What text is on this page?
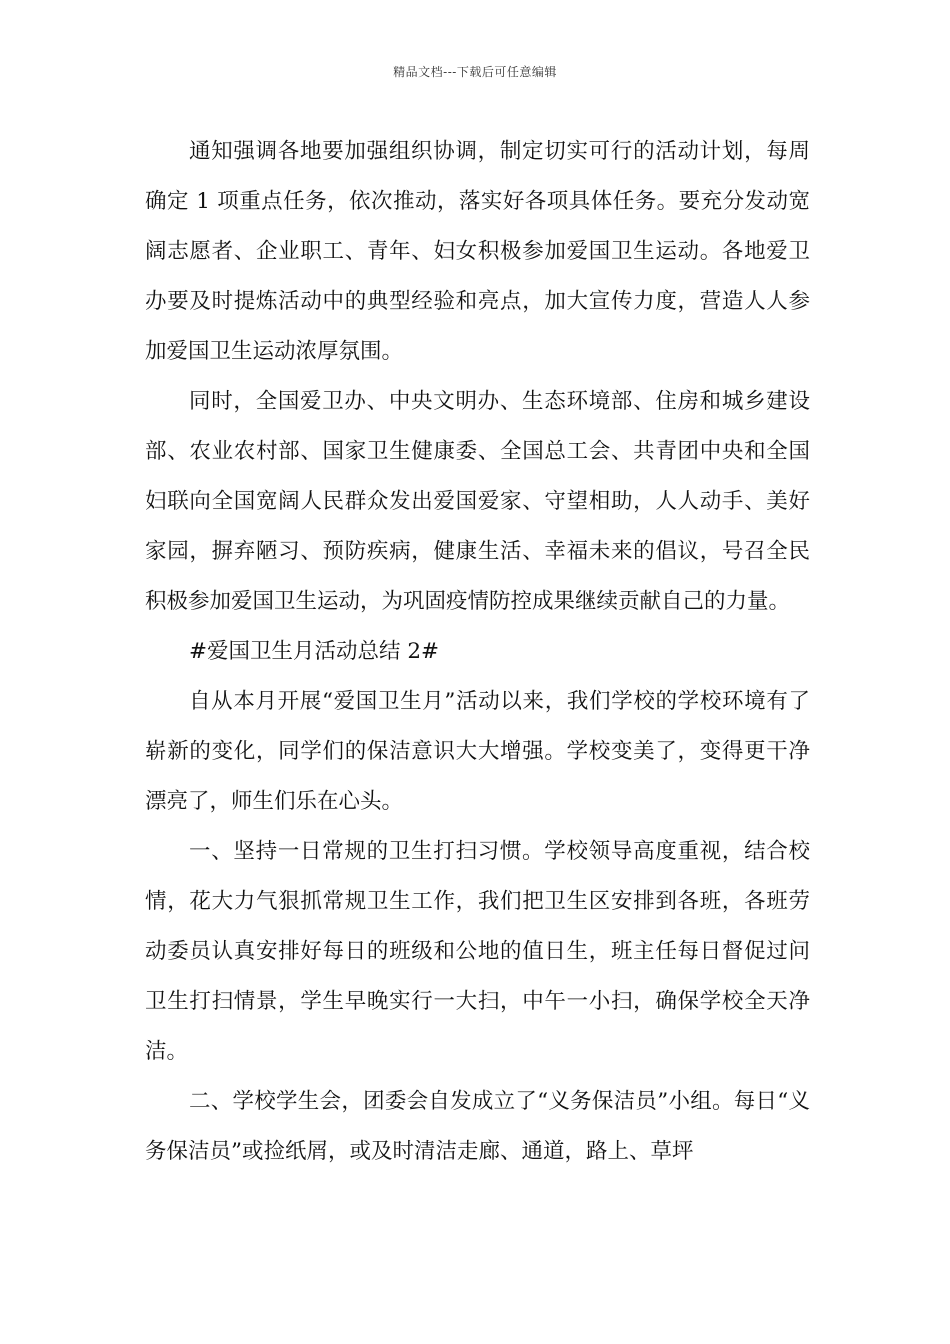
精品文档---下载后可任意编辑

通知强调各地要加强组织协调，制定切实可行的活动计划，每周确定 1 项重点任务，依次推动，落实好各项具体任务。要充分发动宽阔志愿者、企业职工、青年、妇女积极参加爱国卫生运动。各地爱卫办要及时提炼活动中的典型经验和亮点，加大宣传力度，营造人人参加爱国卫生运动浓厚氛围。

同时，全国爱卫办、中央文明办、生态环境部、住房和城乡建设部、农业农村部、国家卫生健康委、全国总工会、共青团中央和全国妇联向全国宽阔人民群众发出爱国爱家、守望相助，人人动手、美好家园，摒弃陋习、预防疾病，健康生活、幸福未来的倡议，号召全民积极参加爱国卫生运动，为巩固疫情防控成果继续贡献自己的力量。

#爱国卫生月活动总结 2#

自从本月开展“爱国卫生月”活动以来，我们学校的学校环境有了崭新的变化，同学们的保洁意识大大增强。学校变美了，变得更干净漂亮了，师生们乐在心头。

一、坚持一日常规的卫生打扫习惯。学校领导高度重视，结合校情，花大力气狠抓常规卫生工作，我们把卫生区安排到各班，各班劳动委员认真安排好每日的班级和公地的值日生，班主任每日督促过问卫生打扫情景，学生早晚实行一大扫，中午一小扫，确保学校全天净洁。

二、学校学生会，团委会自发成立了“义务保洁员”小组。每日“义务保洁员”或捡纸屑，或及时清洁走廊、通道，路上、草坪
